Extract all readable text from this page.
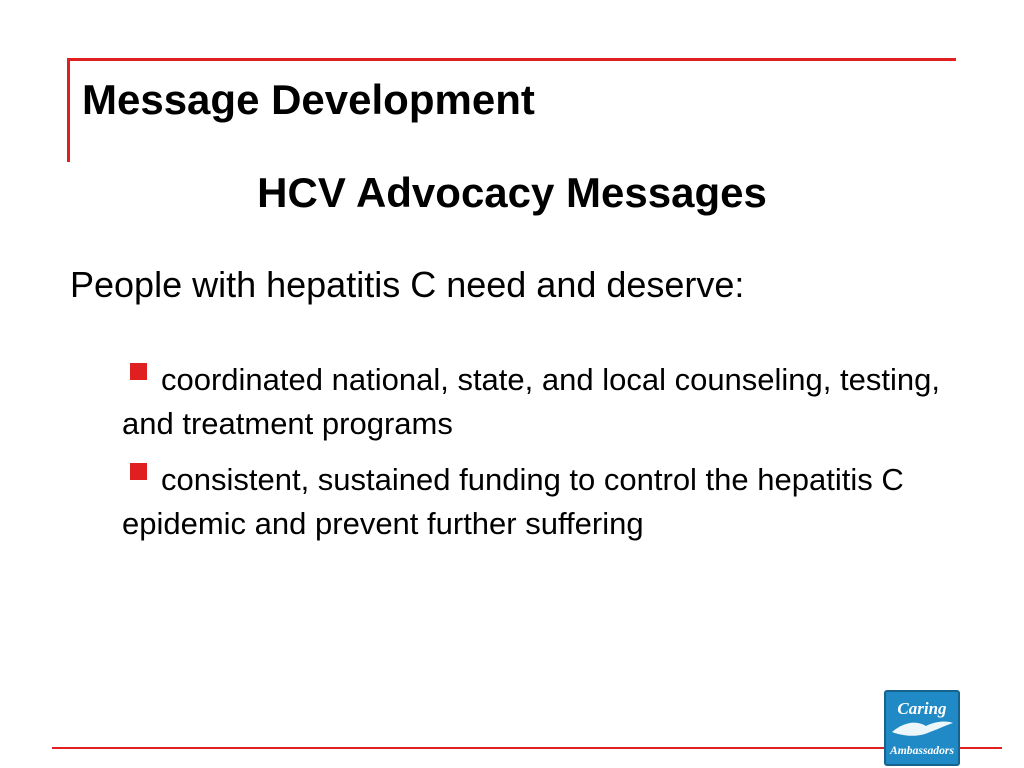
Message Development
HCV Advocacy Messages

People with hepatitis C need and deserve:

coordinated national, state, and local counseling, testing, and treatment programs
consistent, sustained funding to control the hepatitis C epidemic and prevent further suffering
Caring
Ambassadors
